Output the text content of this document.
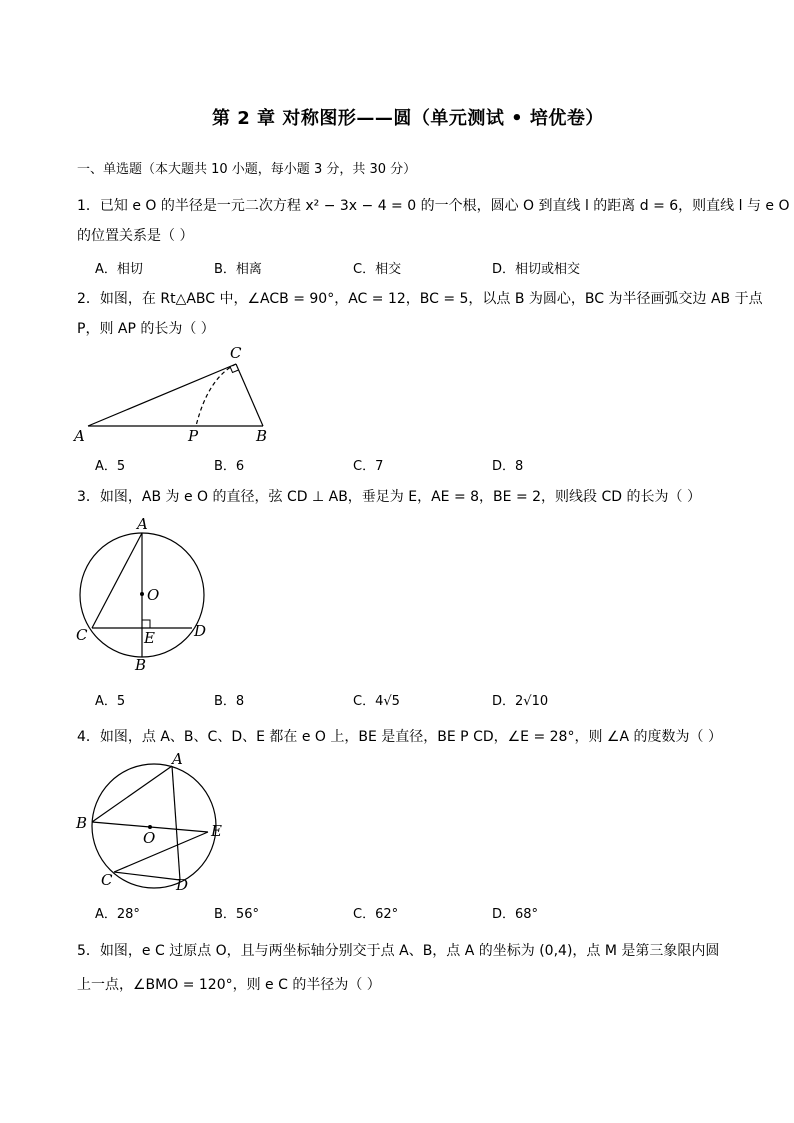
第 2 章 对称图形——圆（单元测试 • 培优卷）
一、单选题（本大题共 10 小题，每小题 3 分，共 30 分）
1．已知 e O 的半径是一元二次方程 x² − 3x − 4 = 0 的一个根，圆心 O 到直线 l 的距离 d = 6，则直线 l 与 e O
的位置关系是（ ）
A．相切	B．相离	C．相交	D．相切或相交
2．如图，在 Rt△ABC 中，∠ACB = 90°，AC = 12，BC = 5，以点 B 为圆心，BC 为半径画弧交边 AB 于点
P，则 AP 的长为（ ）
A
C
P	B
A．5	B．6	C．7	D．8
3．如图，AB 为 e O 的直径，弦 CD ⊥ AB，垂足为 E，AE = 8，BE = 2，则线段 CD 的长为（ ）
A
O
C	D
E
B
A．5	B．8	C．4√5	D．2√10
4．如图，点 A、B、C、D、E 都在 e O 上，BE 是直径，BE P CD，∠E = 28°，则 ∠A 的度数为（ ）
A
B
O	E
C	D
A．28°	B．56°	C．62°	D．68°
5．如图，e C 过原点 O，且与两坐标轴分别交于点 A、B，点 A 的坐标为 (0,4)，点 M 是第三象限内圆
上一点，∠BMO = 120°，则 e C 的半径为（ ）
